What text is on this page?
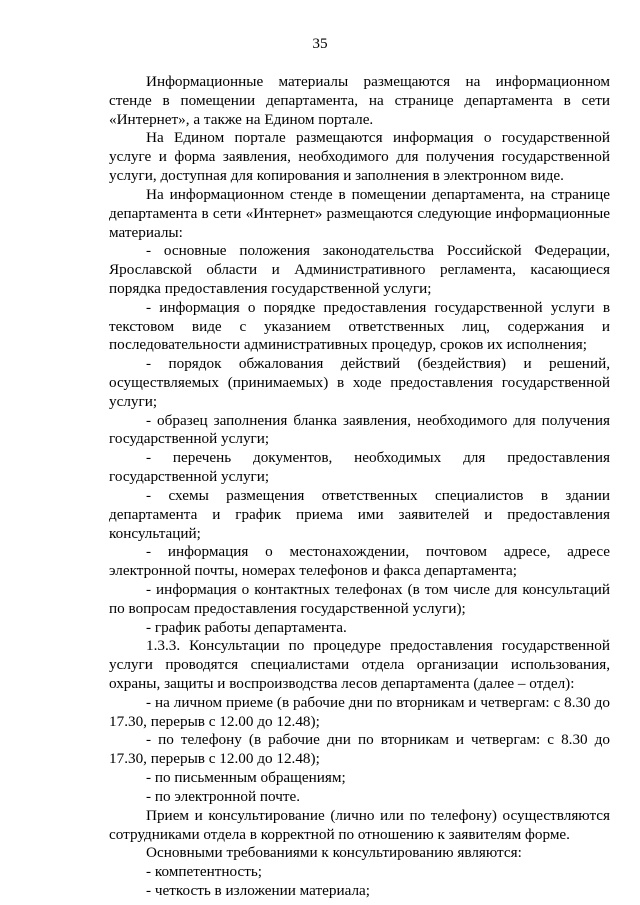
35

Информационные материалы размещаются на информационном стенде в помещении департамента, на странице департамента в сети «Интернет», а также на Едином портале.

На Едином портале размещаются информация о государственной услуге и форма заявления, необходимого для получения государственной услуги, доступная для копирования и заполнения в электронном виде.

На информационном стенде в помещении департамента, на странице департамента в сети «Интернет» размещаются следующие информационные материалы:

- основные положения законодательства Российской Федерации, Ярославской области и Административного регламента, касающиеся порядка предоставления государственной услуги;

- информация о порядке предоставления государственной услуги в текстовом виде с указанием ответственных лиц, содержания и последовательности административных процедур, сроков их исполнения;

- порядок обжалования действий (бездействия) и решений, осуществляемых (принимаемых) в ходе предоставления государственной услуги;

- образец заполнения бланка заявления, необходимого для получения государственной услуги;

- перечень документов, необходимых для предоставления государственной услуги;

- схемы размещения ответственных специалистов в здании департамента и график приема ими заявителей и предоставления консультаций;

- информация о местонахождении, почтовом адресе, адресе электронной почты, номерах телефонов и факса департамента;

- информация о контактных телефонах (в том числе для консультаций по вопросам предоставления государственной услуги);

- график работы департамента.

1.3.3. Консультации по процедуре предоставления государственной услуги проводятся специалистами отдела организации использования, охраны, защиты и воспроизводства лесов департамента (далее – отдел):

- на личном приеме (в рабочие дни по вторникам и четвергам: с 8.30 до 17.30, перерыв с 12.00 до 12.48);

- по телефону (в рабочие дни по вторникам и четвергам: с 8.30 до 17.30, перерыв с 12.00 до 12.48);

- по письменным обращениям;

- по электронной почте.

Прием и консультирование (лично или по телефону) осуществляются сотрудниками отдела в корректной по отношению к заявителям форме.

Основными требованиями к консультированию являются:

- компетентность;

- четкость в изложении материала;
